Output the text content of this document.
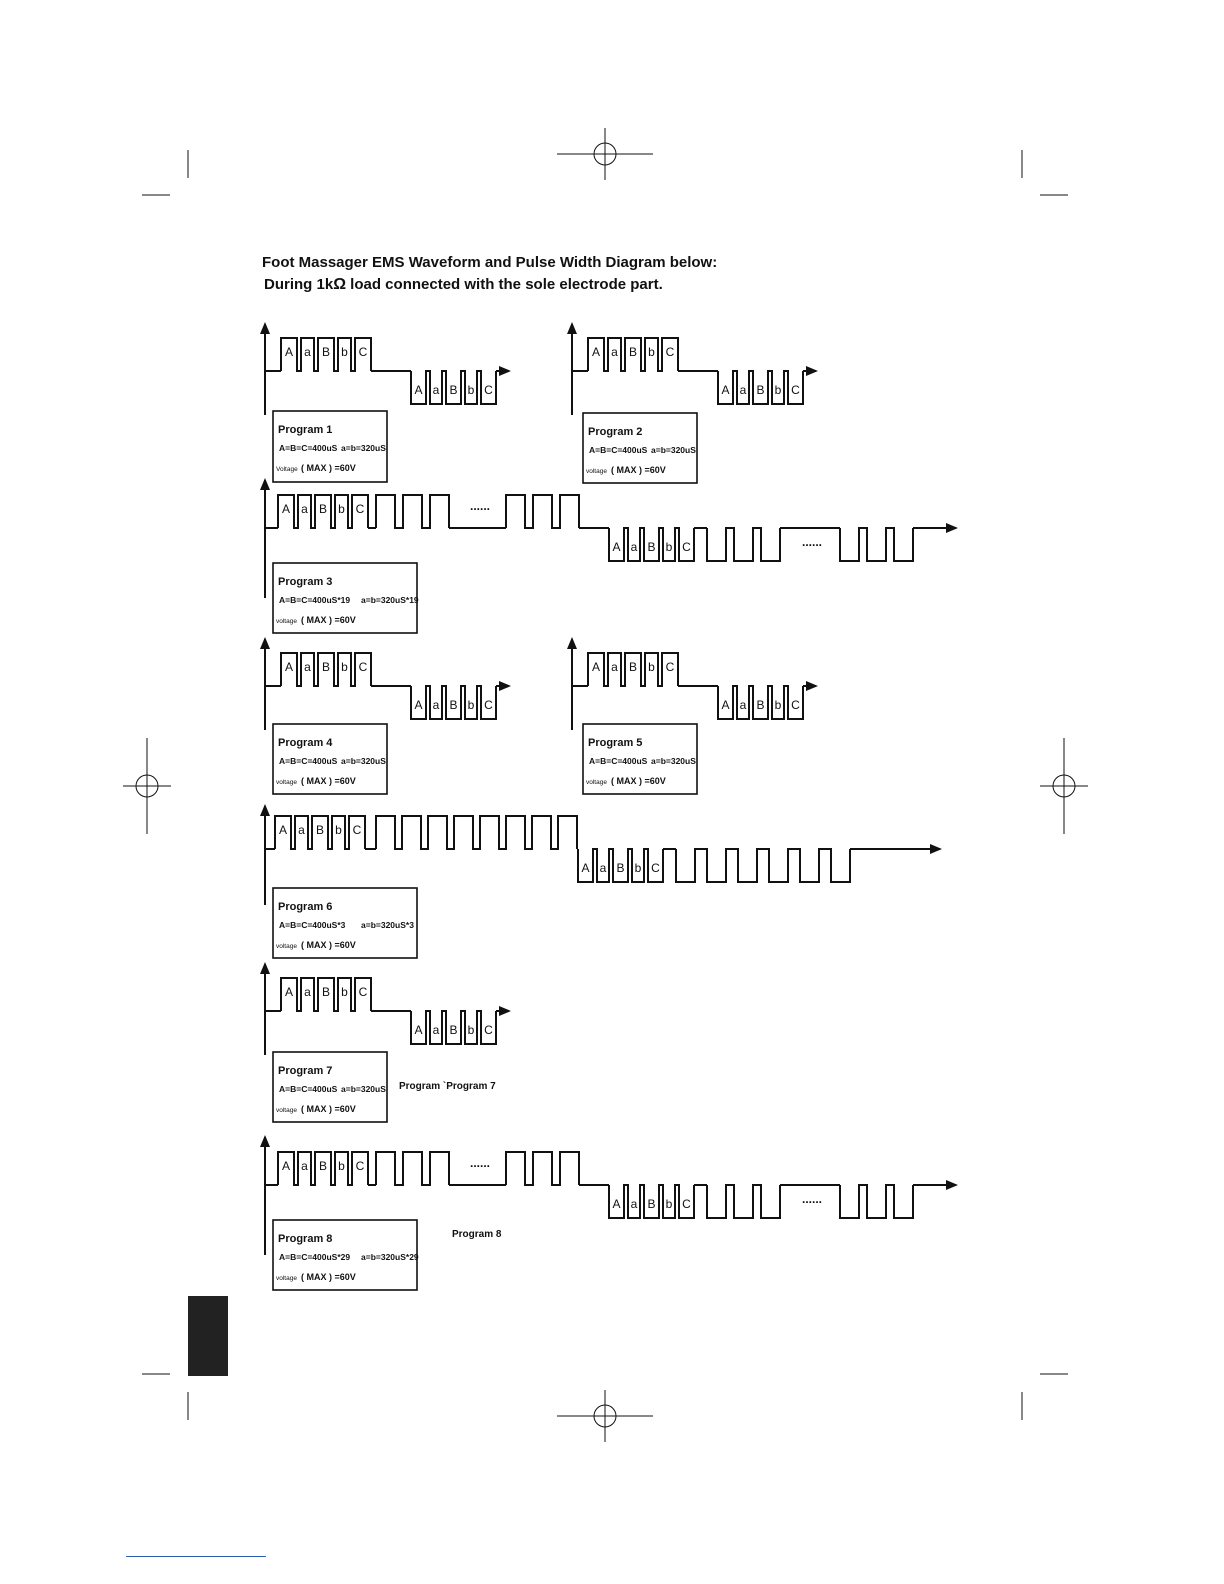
A a B b C
A a B b C
A a B b C
A a B b C
A a B b C
A a B b C
A a B b C
A a B b C
A a B b C
A a B b C
A a B b C	......
A a B b C	......
A a B b C	......
A a B b C	......
A a B b C
A a B b C
Program 1
A=B=C=400uS a=b=320uS
Voltage ( MAX ) =60V
Program 2
A=B=C=400uS a=b=320uS
voltage ( MAX ) =60V
Program 3
A=B=C=400uS*19 a=b=320uS*19
voltage ( MAX ) =60V
Program 4
A=B=C=400uS a=b=320uS
voltage ( MAX ) =60V
Program 5
A=B=C=400uS a=b=320uS
voltage ( MAX ) =60V
Program 6
A=B=C=400uS*3 a=b=320uS*3
voltage ( MAX ) =60V
Program 7
A=B=C=400uS a=b=320uS
voltage ( MAX ) =60V
Program 8
A=B=C=400uS*29 a=b=320uS*29
voltage ( MAX ) =60V
Program `Program 7
Program 8
Foot Massager EMS Waveform and Pulse Width Diagram below:
During 1kΩ load connected with the sole electrode part.
